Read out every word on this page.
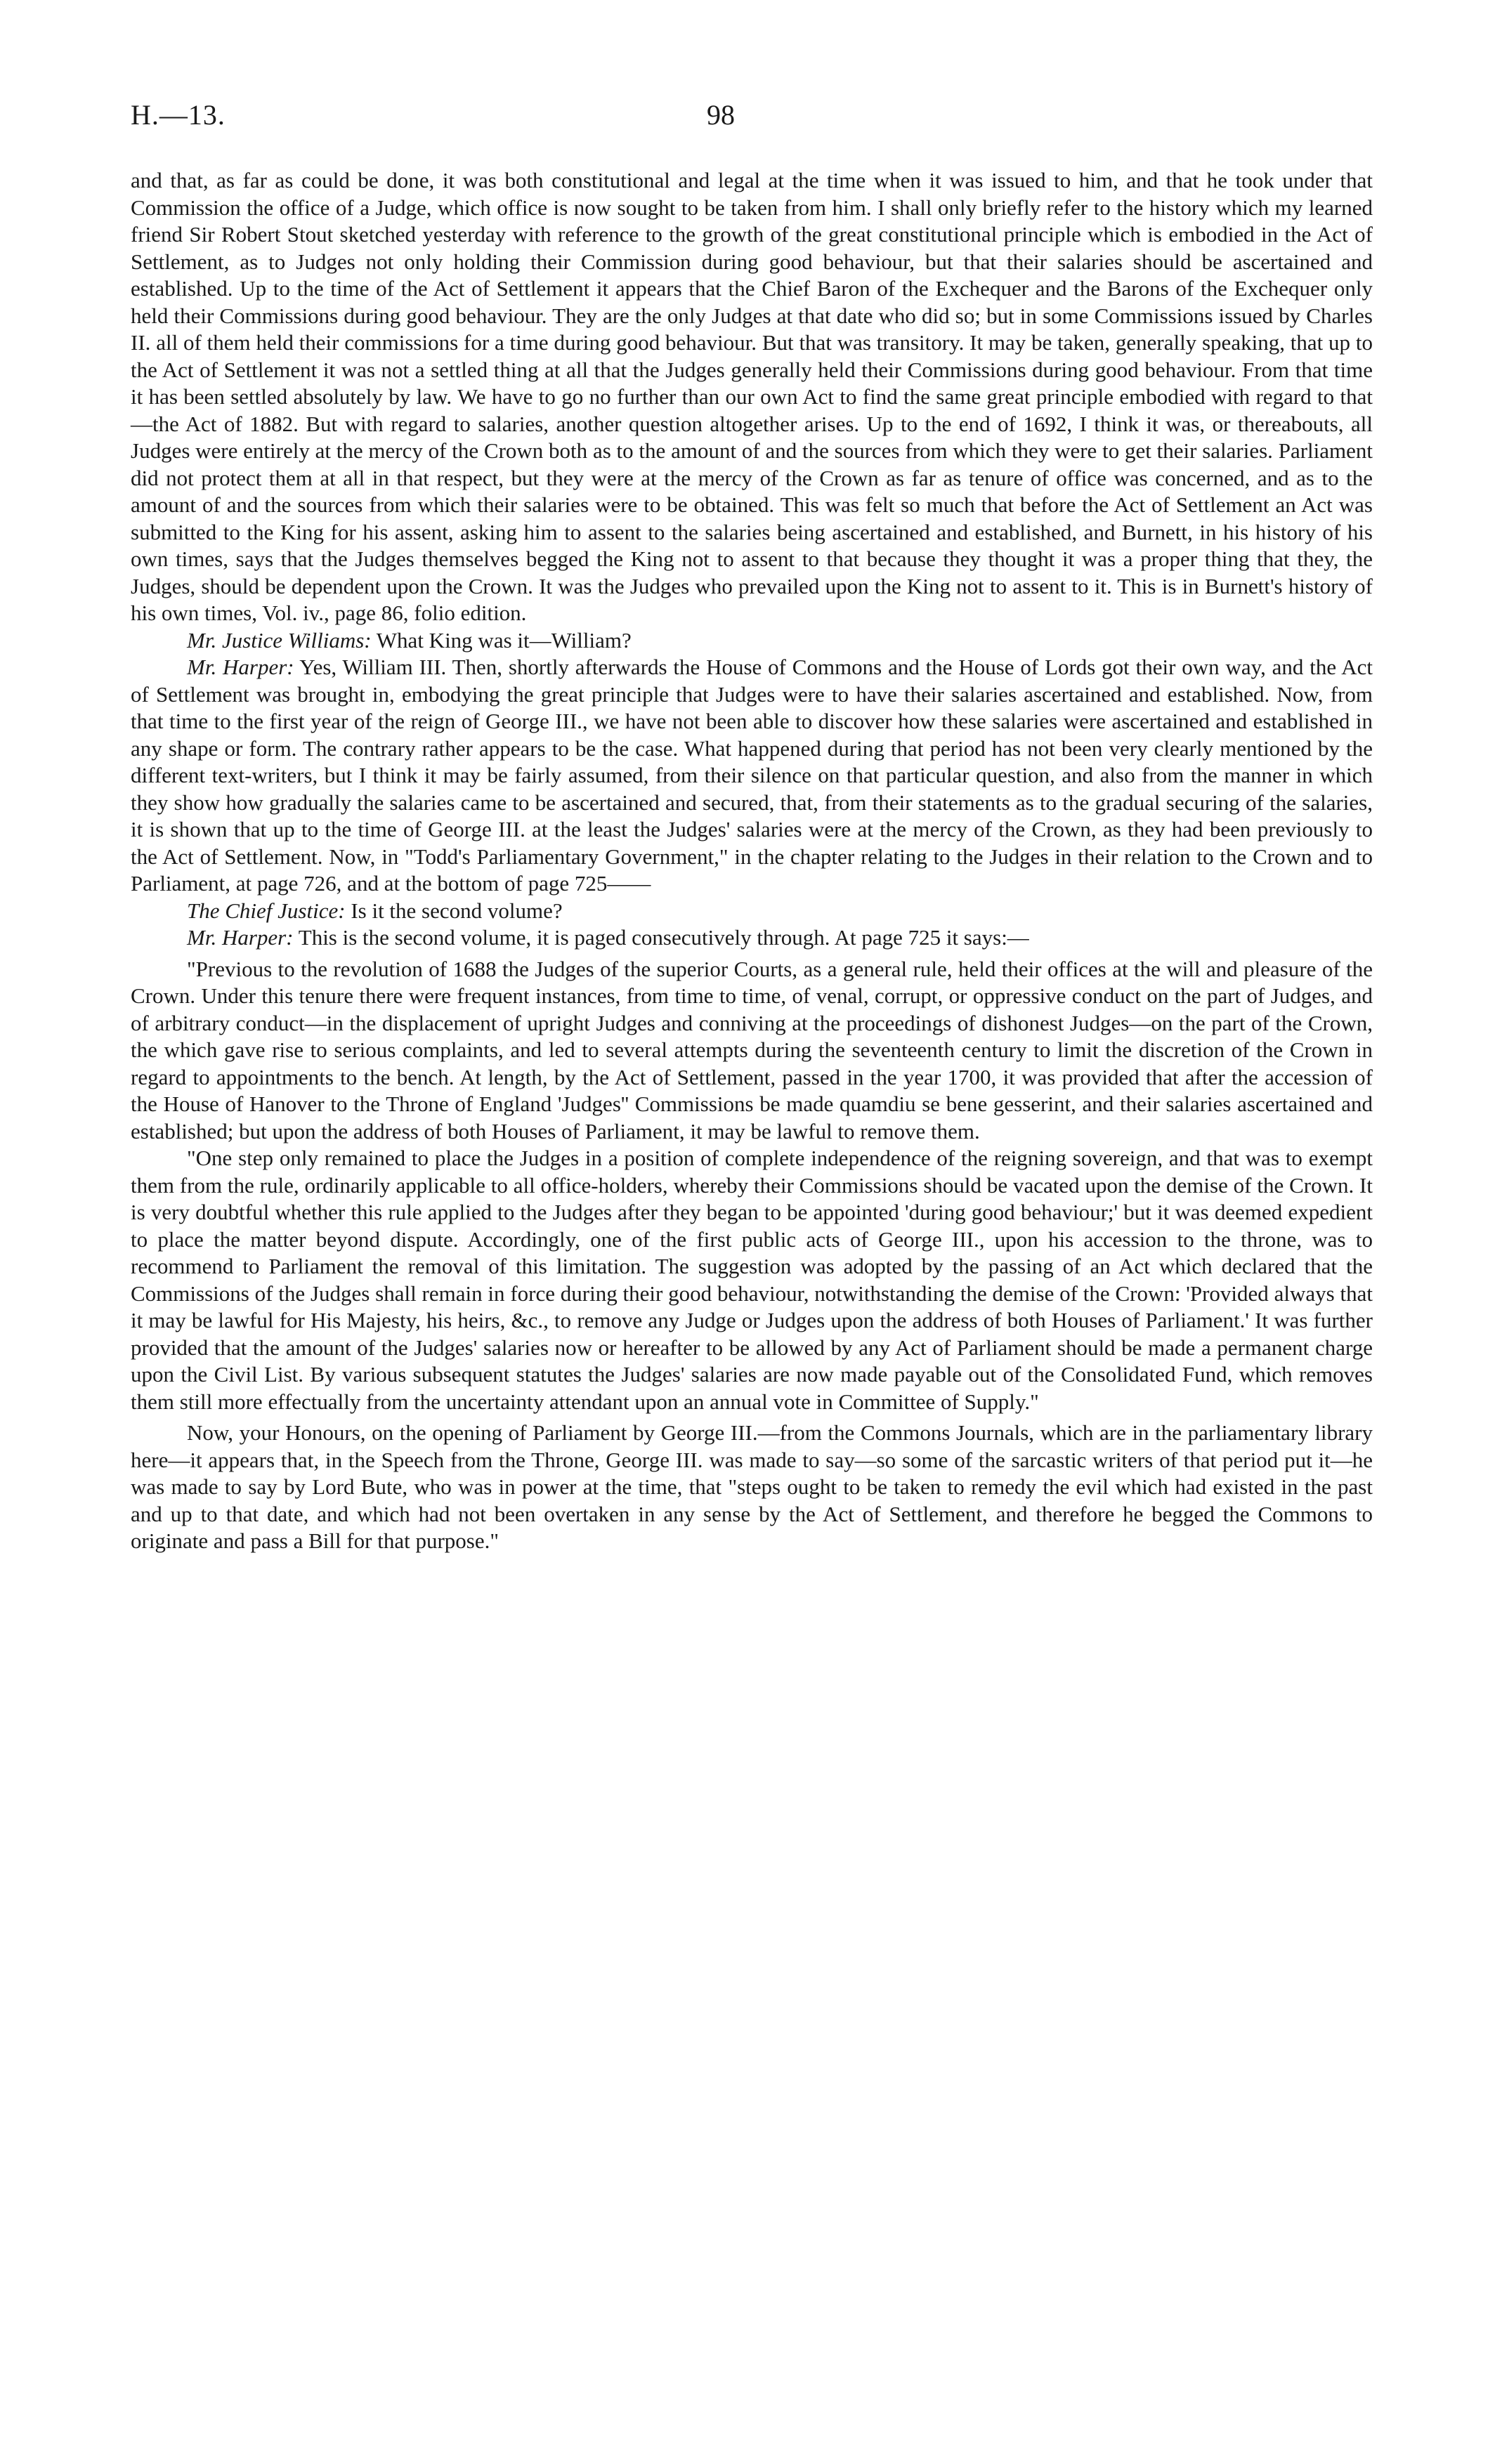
H.—13.	98

and that, as far as could be done, it was both constitutional and legal at the time when it was issued to him, and that he took under that Commission the office of a Judge, which office is now sought to be taken from him. I shall only briefly refer to the history which my learned friend Sir Robert Stout sketched yesterday with reference to the growth of the great constitutional principle which is embodied in the Act of Settlement, as to Judges not only holding their Commission during good behaviour, but that their salaries should be ascertained and established. Up to the time of the Act of Settlement it appears that the Chief Baron of the Exchequer and the Barons of the Exchequer only held their Commissions during good behaviour. They are the only Judges at that date who did so; but in some Commissions issued by Charles II. all of them held their commissions for a time during good behaviour. But that was transitory. It may be taken, generally speaking, that up to the Act of Settlement it was not a settled thing at all that the Judges generally held their Commissions during good behaviour. From that time it has been settled absolutely by law. We have to go no further than our own Act to find the same great principle embodied with regard to that—the Act of 1882. But with regard to salaries, another question altogether arises. Up to the end of 1692, I think it was, or thereabouts, all Judges were entirely at the mercy of the Crown both as to the amount of and the sources from which they were to get their salaries. Parliament did not protect them at all in that respect, but they were at the mercy of the Crown as far as tenure of office was concerned, and as to the amount of and the sources from which their salaries were to be obtained. This was felt so much that before the Act of Settlement an Act was submitted to the King for his assent, asking him to assent to the salaries being ascertained and established, and Burnett, in his history of his own times, says that the Judges themselves begged the King not to assent to that because they thought it was a proper thing that they, the Judges, should be dependent upon the Crown. It was the Judges who prevailed upon the King not to assent to it. This is in Burnett's history of his own times, Vol. iv., page 86, folio edition.

Mr. Justice Williams: What King was it—William?

Mr. Harper: Yes, William III. Then, shortly afterwards the House of Commons and the House of Lords got their own way, and the Act of Settlement was brought in, embodying the great principle that Judges were to have their salaries ascertained and established. Now, from that time to the first year of the reign of George III., we have not been able to discover how these salaries were ascertained and established in any shape or form. The contrary rather appears to be the case. What happened during that period has not been very clearly mentioned by the different text-writers, but I think it may be fairly assumed, from their silence on that particular question, and also from the manner in which they show how gradually the salaries came to be ascertained and secured, that, from their statements as to the gradual securing of the salaries, it is shown that up to the time of George III. at the least the Judges' salaries were at the mercy of the Crown, as they had been previously to the Act of Settlement. Now, in "Todd's Parliamentary Government," in the chapter relating to the Judges in their relation to the Crown and to Parliament, at page 726, and at the bottom of page 725——

The Chief Justice: Is it the second volume?

Mr. Harper: This is the second volume, it is paged consecutively through. At page 725 it says:—

"Previous to the revolution of 1688 the Judges of the superior Courts, as a general rule, held their offices at the will and pleasure of the Crown. Under this tenure there were frequent instances, from time to time, of venal, corrupt, or oppressive conduct on the part of Judges, and of arbitrary conduct—in the displacement of upright Judges and conniving at the proceedings of dishonest Judges—on the part of the Crown, the which gave rise to serious complaints, and led to several attempts during the seventeenth century to limit the discretion of the Crown in regard to appointments to the bench. At length, by the Act of Settlement, passed in the year 1700, it was provided that after the accession of the House of Hanover to the Throne of England 'Judges'' Commissions be made quamdiu se bene gesserint, and their salaries ascertained and established; but upon the address of both Houses of Parliament, it may be lawful to remove them.

"One step only remained to place the Judges in a position of complete independence of the reigning sovereign, and that was to exempt them from the rule, ordinarily applicable to all office-holders, whereby their Commissions should be vacated upon the demise of the Crown. It is very doubtful whether this rule applied to the Judges after they began to be appointed 'during good behaviour;' but it was deemed expedient to place the matter beyond dispute. Accordingly, one of the first public acts of George III., upon his accession to the throne, was to recommend to Parliament the removal of this limitation. The suggestion was adopted by the passing of an Act which declared that the Commissions of the Judges shall remain in force during their good behaviour, notwithstanding the demise of the Crown: 'Provided always that it may be lawful for His Majesty, his heirs, &c., to remove any Judge or Judges upon the address of both Houses of Parliament.' It was further provided that the amount of the Judges' salaries now or hereafter to be allowed by any Act of Parliament should be made a permanent charge upon the Civil List. By various subsequent statutes the Judges' salaries are now made payable out of the Consolidated Fund, which removes them still more effectually from the uncertainty attendant upon an annual vote in Committee of Supply."

Now, your Honours, on the opening of Parliament by George III.—from the Commons Journals, which are in the parliamentary library here—it appears that, in the Speech from the Throne, George III. was made to say—so some of the sarcastic writers of that period put it—he was made to say by Lord Bute, who was in power at the time, that "steps ought to be taken to remedy the evil which had existed in the past and up to that date, and which had not been overtaken in any sense by the Act of Settlement, and therefore he begged the Commons to originate and pass a Bill for that purpose."
